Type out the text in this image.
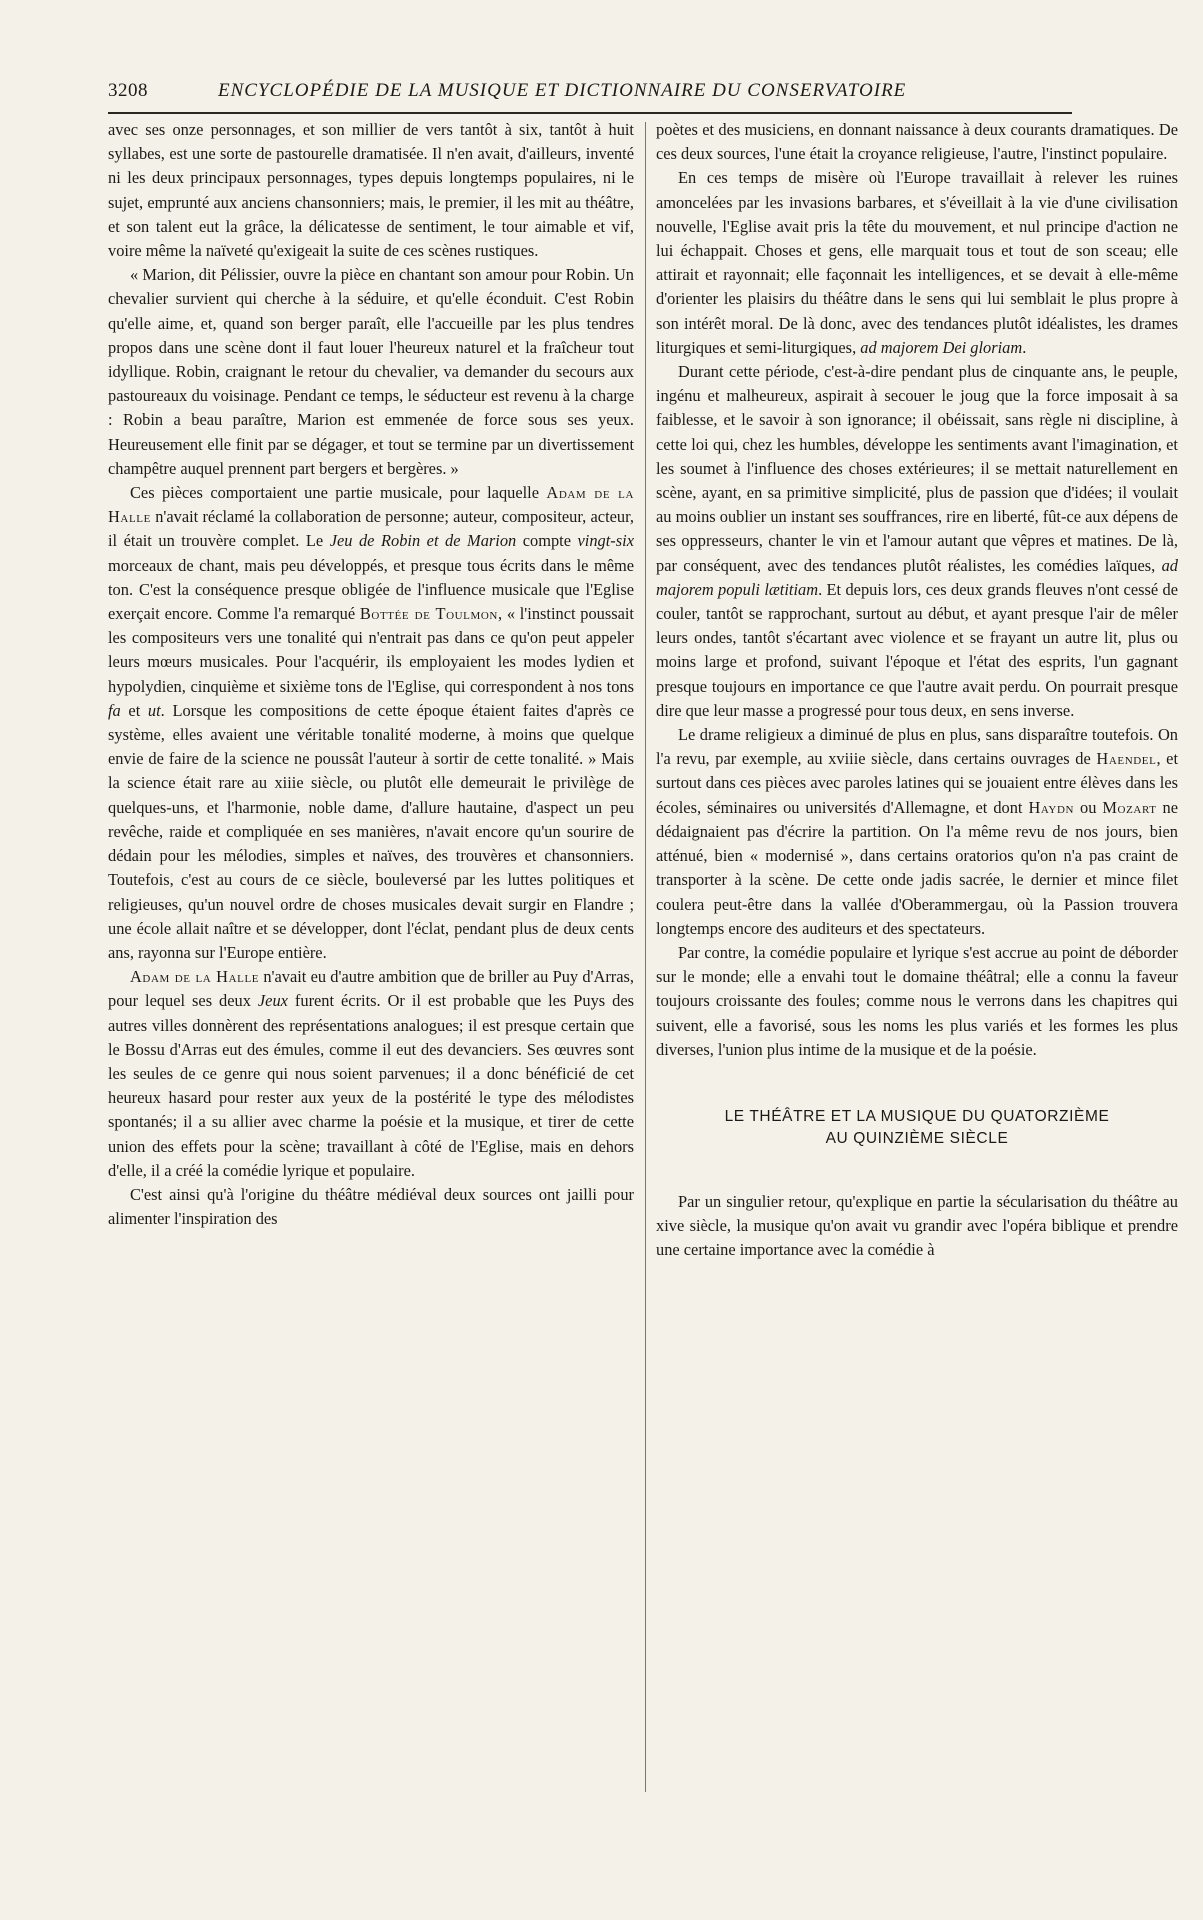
3208	ENCYCLOPÉDIE DE LA MUSIQUE ET DICTIONNAIRE DU CONSERVATOIRE

avec ses onze personnages, et son millier de vers tantôt à six, tantôt à huit syllabes, est une sorte de pastourelle dramatisée. Il n'en avait, d'ailleurs, inventé ni les deux principaux personnages, types depuis longtemps populaires, ni le sujet, emprunté aux anciens chansonniers; mais, le premier, il les mit au théâtre, et son talent eut la grâce, la délicatesse de sentiment, le tour aimable et vif, voire même la naïveté qu'exigeait la suite de ces scènes rustiques.

« Marion, dit Pélissier, ouvre la pièce en chantant son amour pour Robin. Un chevalier survient qui cherche à la séduire, et qu'elle éconduit. C'est Robin qu'elle aime, et, quand son berger paraît, elle l'accueille par les plus tendres propos dans une scène dont il faut louer l'heureux naturel et la fraîcheur tout idyllique. Robin, craignant le retour du chevalier, va demander du secours aux pastoureaux du voisinage. Pendant ce temps, le séducteur est revenu à la charge : Robin a beau paraître, Marion est emmenée de force sous ses yeux. Heureusement elle finit par se dégager, et tout se termine par un divertissement champêtre auquel prennent part bergers et bergères. »

Ces pièces comportaient une partie musicale, pour laquelle Adam de la Halle n'avait réclamé la collaboration de personne; auteur, compositeur, acteur, il était un trouvère complet. Le Jeu de Robin et de Marion compte vingt-six morceaux de chant, mais peu développés, et presque tous écrits dans le même ton. C'est la conséquence presque obligée de l'influence musicale que l'Eglise exerçait encore. Comme l'a remarqué Bottée de Toulmon, « l'instinct poussait les compositeurs vers une tonalité qui n'entrait pas dans ce qu'on peut appeler leurs mœurs musicales. Pour l'acquérir, ils employaient les modes lydien et hypolydien, cinquième et sixième tons de l'Eglise, qui correspondent à nos tons fa et ut. Lorsque les compositions de cette époque étaient faites d'après ce système, elles avaient une véritable tonalité moderne, à moins que quelque envie de faire de la science ne poussât l'auteur à sortir de cette tonalité. » Mais la science était rare au xiiie siècle, ou plutôt elle demeurait le privilège de quelques-uns, et l'harmonie, noble dame, d'allure hautaine, d'aspect un peu revêche, raide et compliquée en ses manières, n'avait encore qu'un sourire de dédain pour les mélodies, simples et naïves, des trouvères et chansonniers. Toutefois, c'est au cours de ce siècle, bouleversé par les luttes politiques et religieuses, qu'un nouvel ordre de choses musicales devait surgir en Flandre ; une école allait naître et se développer, dont l'éclat, pendant plus de deux cents ans, rayonna sur l'Europe entière.

Adam de la Halle n'avait eu d'autre ambition que de briller au Puy d'Arras, pour lequel ses deux Jeux furent écrits. Or il est probable que les Puys des autres villes donnèrent des représentations analogues; il est presque certain que le Bossu d'Arras eut des émules, comme il eut des devanciers. Ses œuvres sont les seules de ce genre qui nous soient parvenues; il a donc bénéficié de cet heureux hasard pour rester aux yeux de la postérité le type des mélodistes spontanés; il a su allier avec charme la poésie et la musique, et tirer de cette union des effets pour la scène; travaillant à côté de l'Eglise, mais en dehors d'elle, il a créé la comédie lyrique et populaire.

C'est ainsi qu'à l'origine du théâtre médiéval deux sources ont jailli pour alimenter l'inspiration des

poètes et des musiciens, en donnant naissance à deux courants dramatiques. De ces deux sources, l'une était la croyance religieuse, l'autre, l'instinct populaire.

En ces temps de misère où l'Europe travaillait à relever les ruines amoncelées par les invasions barbares, et s'éveillait à la vie d'une civilisation nouvelle, l'Eglise avait pris la tête du mouvement, et nul principe d'action ne lui échappait. Choses et gens, elle marquait tous et tout de son sceau; elle attirait et rayonnait; elle façonnait les intelligences, et se devait à elle-même d'orienter les plaisirs du théâtre dans le sens qui lui semblait le plus propre à son intérêt moral. De là donc, avec des tendances plutôt idéalistes, les drames liturgiques et semi-liturgiques, ad majorem Dei gloriam.

Durant cette période, c'est-à-dire pendant plus de cinquante ans, le peuple, ingénu et malheureux, aspirait à secouer le joug que la force imposait à sa faiblesse, et le savoir à son ignorance; il obéissait, sans règle ni discipline, à cette loi qui, chez les humbles, développe les sentiments avant l'imagination, et les soumet à l'influence des choses extérieures; il se mettait naturellement en scène, ayant, en sa primitive simplicité, plus de passion que d'idées; il voulait au moins oublier un instant ses souffrances, rire en liberté, fût-ce aux dépens de ses oppresseurs, chanter le vin et l'amour autant que vêpres et matines. De là, par conséquent, avec des tendances plutôt réalistes, les comédies laïques, ad majorem populi lætitiam. Et depuis lors, ces deux grands fleuves n'ont cessé de couler, tantôt se rapprochant, surtout au début, et ayant presque l'air de mêler leurs ondes, tantôt s'écartant avec violence et se frayant un autre lit, plus ou moins large et profond, suivant l'époque et l'état des esprits, l'un gagnant presque toujours en importance ce que l'autre avait perdu. On pourrait presque dire que leur masse a progressé pour tous deux, en sens inverse.

Le drame religieux a diminué de plus en plus, sans disparaître toutefois. On l'a revu, par exemple, au xviiie siècle, dans certains ouvrages de Haendel, et surtout dans ces pièces avec paroles latines qui se jouaient entre élèves dans les écoles, séminaires ou universités d'Allemagne, et dont Haydn ou Mozart ne dédaignaient pas d'écrire la partition. On l'a même revu de nos jours, bien atténué, bien « modernisé », dans certains oratorios qu'on n'a pas craint de transporter à la scène. De cette onde jadis sacrée, le dernier et mince filet coulera peut-être dans la vallée d'Oberammergau, où la Passion trouvera longtemps encore des auditeurs et des spectateurs.

Par contre, la comédie populaire et lyrique s'est accrue au point de déborder sur le monde; elle a envahi tout le domaine théâtral; elle a connu la faveur toujours croissante des foules; comme nous le verrons dans les chapitres qui suivent, elle a favorisé, sous les noms les plus variés et les formes les plus diverses, l'union plus intime de la musique et de la poésie.

LE THÉÂTRE ET LA MUSIQUE DU QUATORZIÈME
AU QUINZIÈME SIÈCLE

Par un singulier retour, qu'explique en partie la sécularisation du théâtre au xive siècle, la musique qu'on avait vu grandir avec l'opéra biblique et prendre une certaine importance avec la comédie à
